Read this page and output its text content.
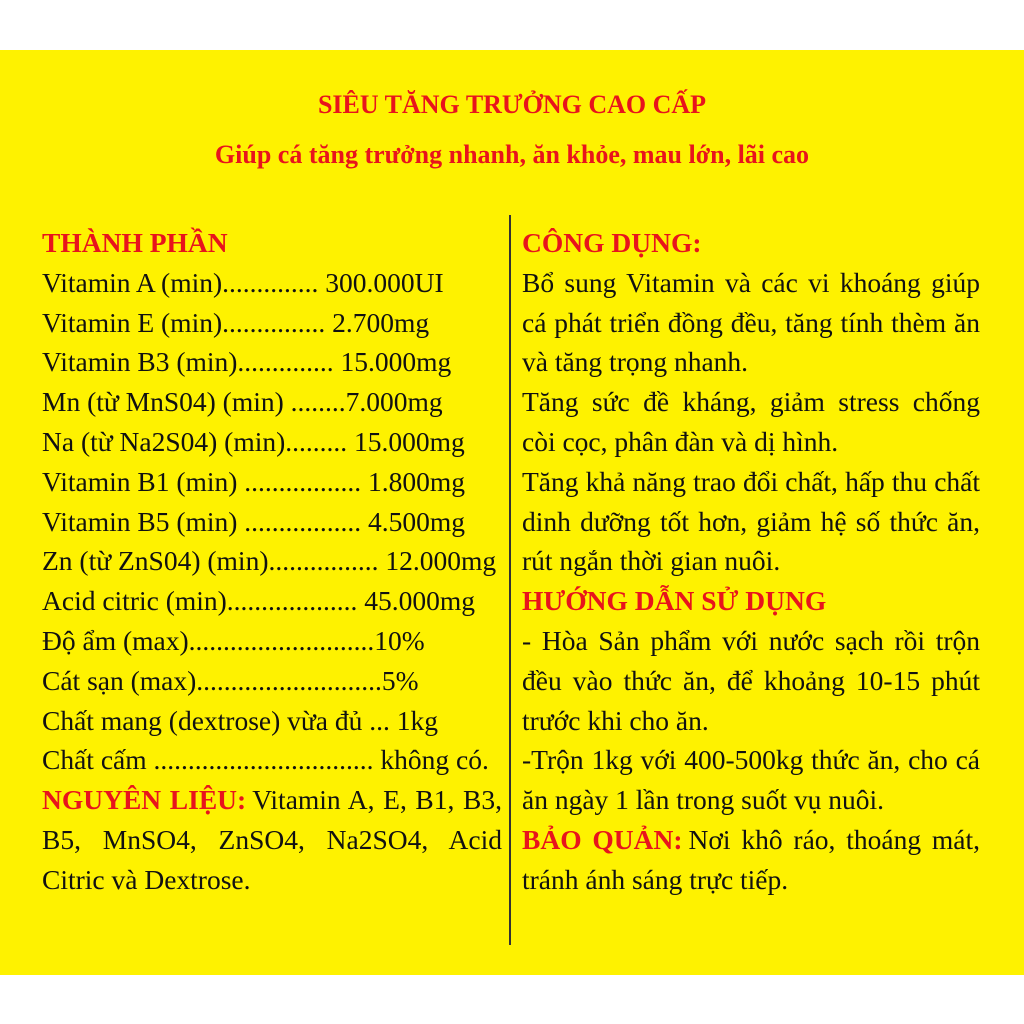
SIÊU TĂNG TRƯỞNG CAO CẤP
Giúp cá tăng trưởng nhanh, ăn khỏe, mau lớn, lãi cao
THÀNH PHẦN
Vitamin A (min).............. 300.000UI
Vitamin E (min)............... 2.700mg
Vitamin B3 (min).............. 15.000mg
Mn (từ MnS04) (min) ........7.000mg
Na (từ Na2S04) (min)......... 15.000mg
Vitamin B1 (min) ................. 1.800mg
Vitamin B5 (min) ................. 4.500mg
Zn (từ ZnS04) (min)................ 12.000mg
Acid citric (min)................... 45.000mg
Độ ẩm (max)...........................10%
Cát sạn (max)...........................5%
Chất mang (dextrose) vừa đủ ... 1kg
Chất cấm ................................ không có.
NGUYÊN LIỆU: Vitamin A, E, B1, B3, B5, MnSO4, ZnSO4, Na2SO4, Acid Citric và Dextrose.
CÔNG DỤNG:
Bổ sung Vitamin và các vi khoáng giúp cá phát triển đồng đều, tăng tính thèm ăn và tăng trọng nhanh.
Tăng sức đề kháng, giảm stress chống còi cọc, phân đàn và dị hình.
Tăng khả năng trao đổi chất, hấp thu chất dinh dưỡng tốt hơn, giảm hệ số thức ăn, rút ngắn thời gian nuôi.
HƯỚNG DẪN SỬ DỤNG
- Hòa Sản phẩm với nước sạch rồi trộn đều vào thức ăn, để khoảng 10-15 phút trước khi cho ăn.
-Trộn 1kg với 400-500kg thức ăn, cho cá ăn ngày 1 lần trong suốt vụ nuôi.
BẢO QUẢN: Nơi khô ráo, thoáng mát, tránh ánh sáng trực tiếp.
